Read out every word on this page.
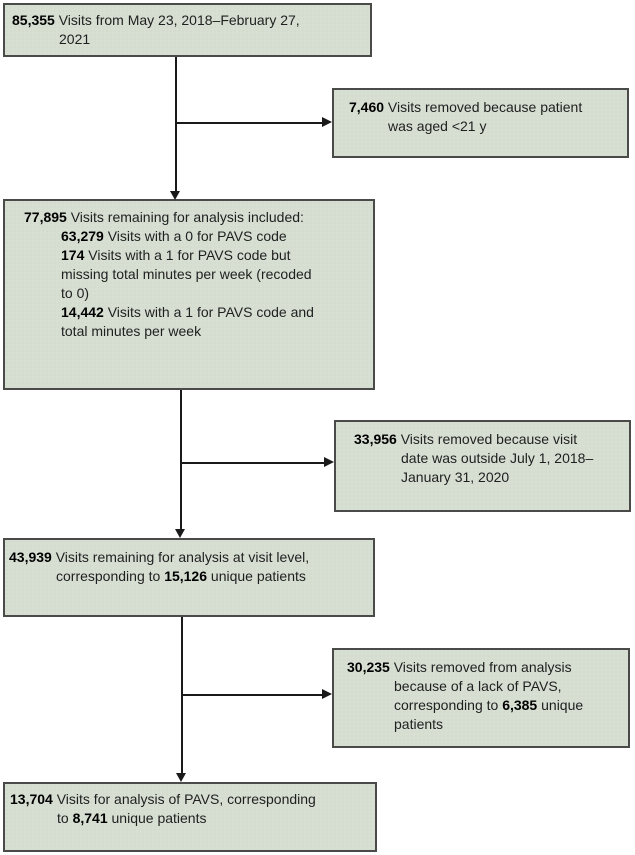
85,355 Visits from May 23, 2018–February 27,
2021
7,460 Visits removed because patient
was aged <21 y
77,895 Visits remaining for analysis included:
63,279 Visits with a 0 for PAVS code
174 Visits with a 1 for PAVS code but
missing total minutes per week (recoded
to 0)
14,442 Visits with a 1 for PAVS code and
total minutes per week
33,956 Visits removed because visit
date was outside July 1, 2018–
January 31, 2020
43,939 Visits remaining for analysis at visit level,
corresponding to 15,126 unique patients
30,235 Visits removed from analysis
because of a lack of PAVS,
corresponding to 6,385 unique
patients
13,704 Visits for analysis of PAVS, corresponding
to 8,741 unique patients
